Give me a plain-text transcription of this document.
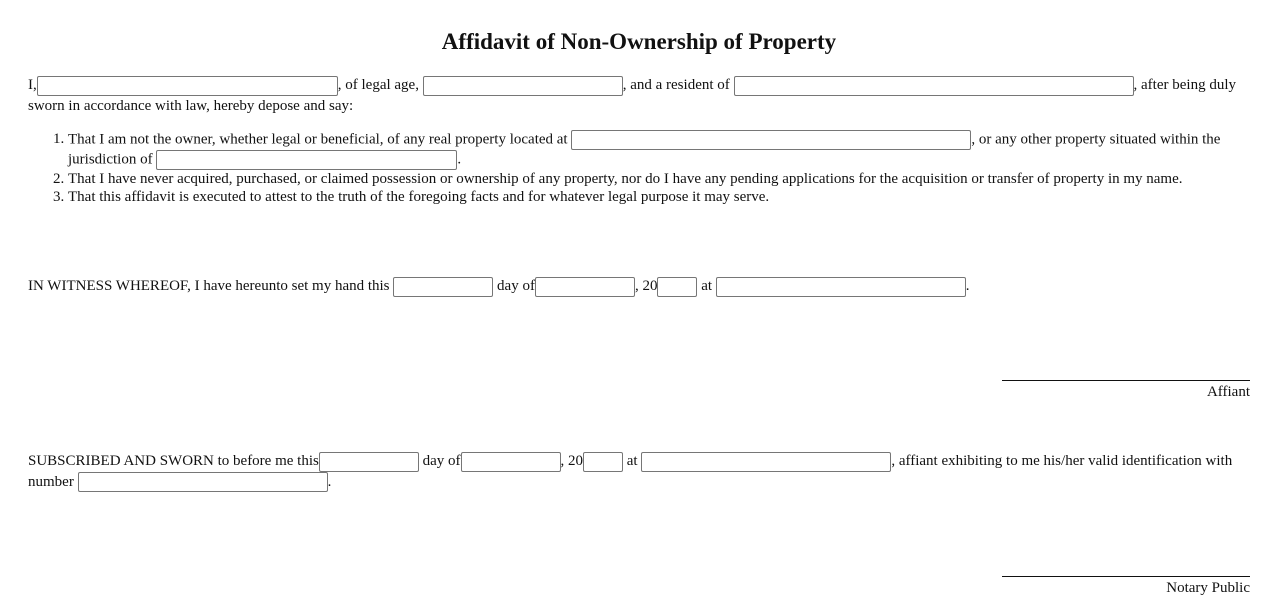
Affidavit of Non-Ownership of Property
I,	, of legal age,	, and a resident of	, after being duly sworn in accordance with law, hereby depose and say:
1. That I am not the owner, whether legal or beneficial, of any real property located at	, or any other property situated within the jurisdiction of	.
2. That I have never acquired, purchased, or claimed possession or ownership of any property, nor do I have any pending applications for the acquisition or transfer of property in my name.
3. That this affidavit is executed to attest to the truth of the foregoing facts and for whatever legal purpose it may serve.
IN WITNESS WHEREOF, I have hereunto set my hand this	day of	, 20	at	.
SUBSCRIBED AND SWORN to before me this	day of	, 20	at	, affiant exhibiting to me his/her valid identification with number	.
Affiant
Notary Public
